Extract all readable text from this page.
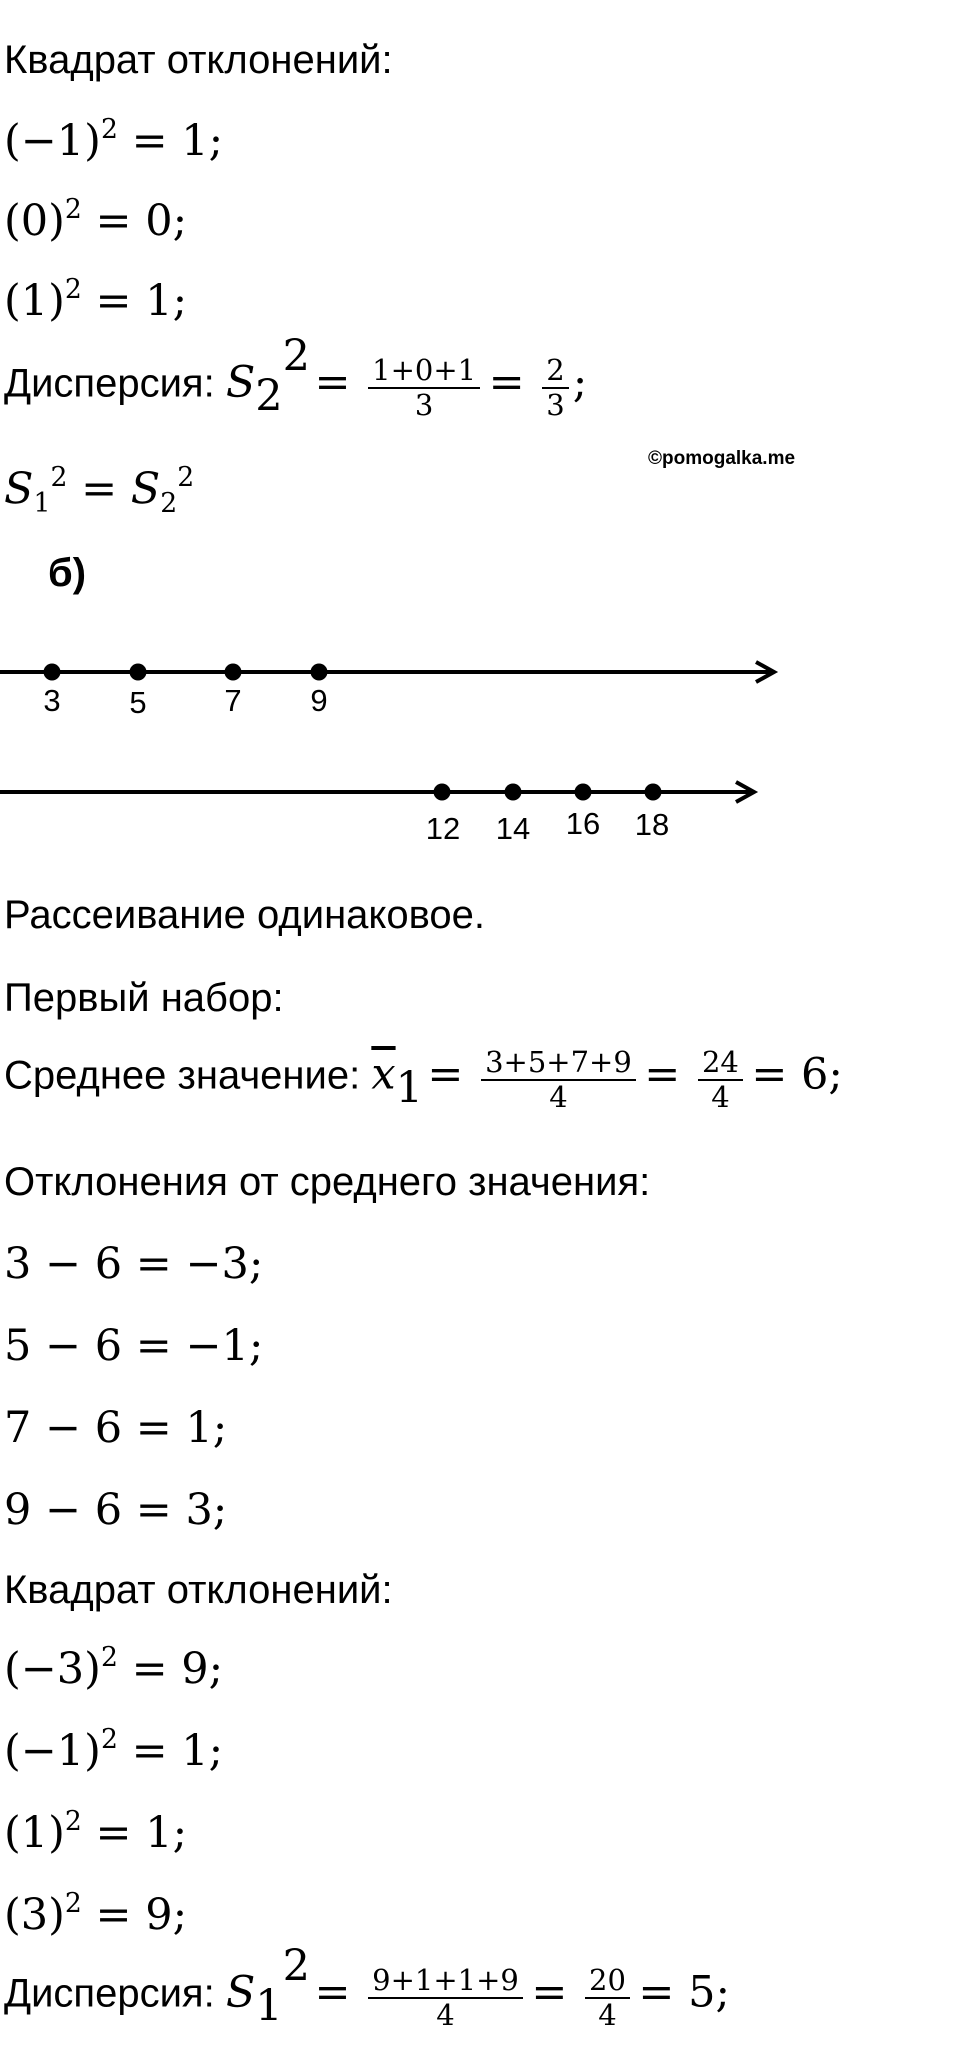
Квадрат отклонений:
$(-1)^2 = 1$;
$(0)^2 = 0$;
$(1)^2 = 1$;
Дисперсия: $S_2^2 = \frac{1+0+1}{3} = \frac{2}{3}$ ;
©pomogalka.me
$S_1^2 = S_2^2$
б)
3 5	7 9
12 14 16 18
Рассеивание одинаковое.
Первый набор:
Среднее значение: $\overline{x}_1 = \frac{3+5+7+9}{4} = \frac{24}{4} = 6$;
Отклонения от среднего значения:
3 − 6 = −3;
5 − 6 = −1;
7 − 6 = 1;
9 − 6 = 3;
Квадрат отклонений:
$(-3)^2 = 9$;
$(-1)^2 = 1$;
$(1)^2 = 1$;
$(3)^2 = 9$;
Дисперсия: $S_1^2 = \frac{9+1+1+9}{4} = \frac{20}{4} = 5$;
